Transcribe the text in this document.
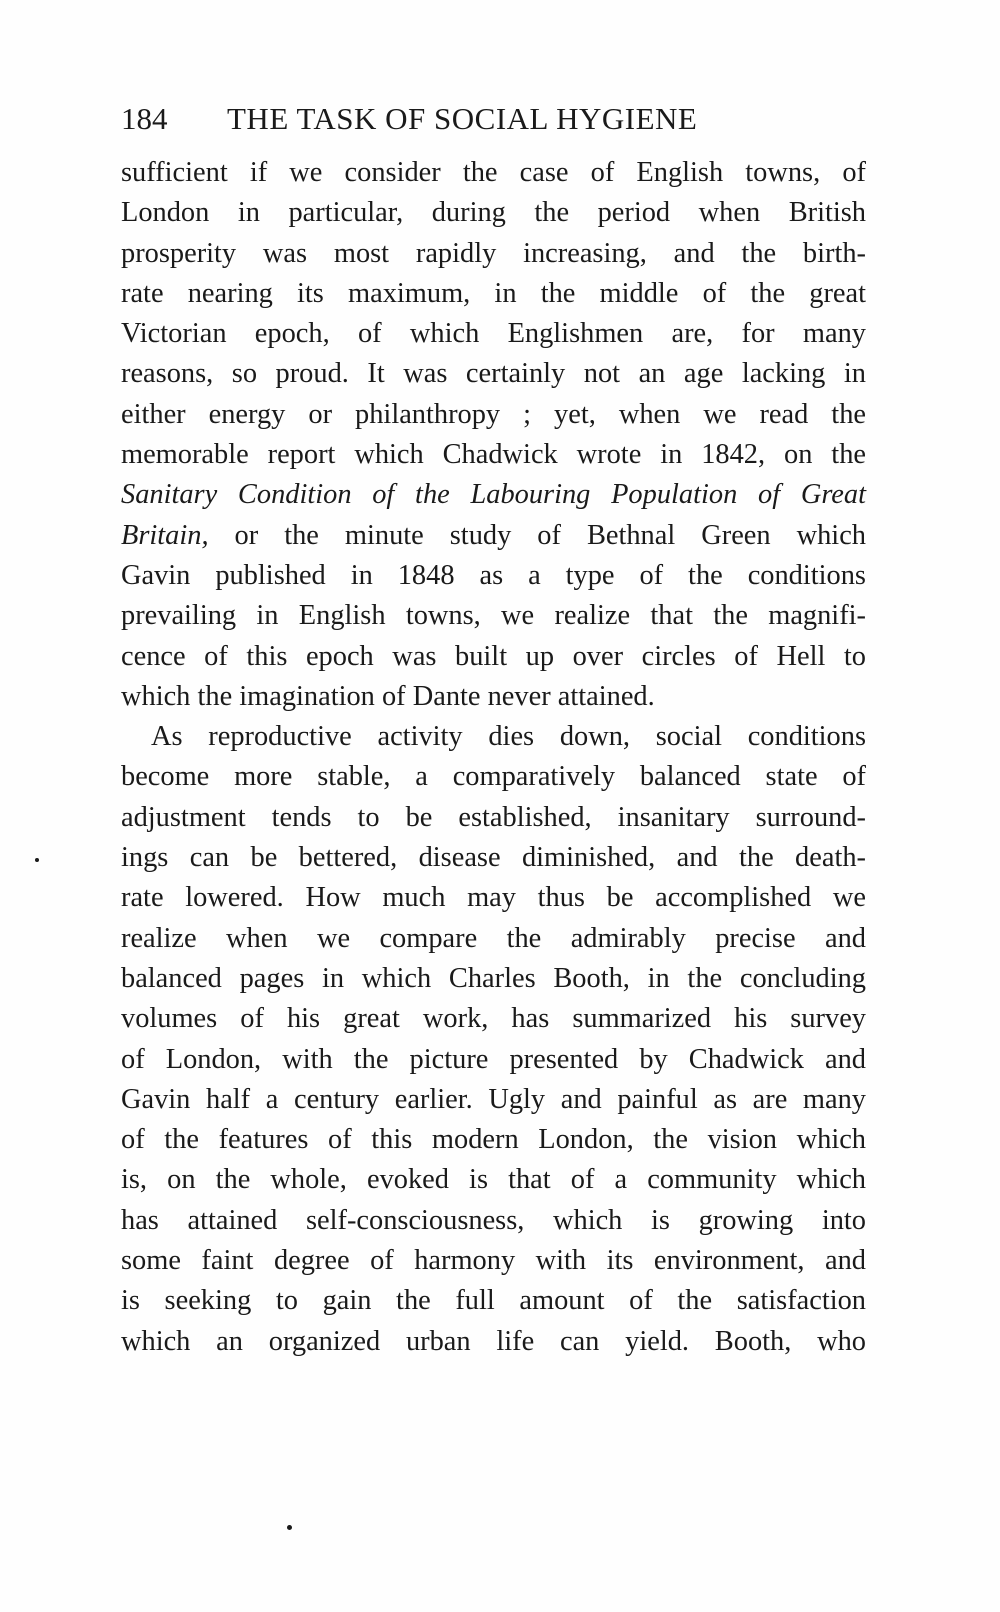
184 THE TASK OF SOCIAL HYGIENE
sufficient if we consider the case of English towns, of
London in particular, during the period when British
prosperity was most rapidly increasing, and the birth-
rate nearing its maximum, in the middle of the great
Victorian epoch, of which Englishmen are, for many
reasons, so proud. It was certainly not an age lacking in
either energy or philanthropy ; yet, when we read the
memorable report which Chadwick wrote in 1842, on the
Sanitary Condition of the Labouring Population of Great
Britain, or the minute study of Bethnal Green which
Gavin published in 1848 as a type of the conditions
prevailing in English towns, we realize that the magnifi-
cence of this epoch was built up over circles of Hell to
which the imagination of Dante never attained.
As reproductive activity dies down, social conditions
become more stable, a comparatively balanced state of
adjustment tends to be established, insanitary surround-
ings can be bettered, disease diminished, and the death-
rate lowered. How much may thus be accomplished we
realize when we compare the admirably precise and
balanced pages in which Charles Booth, in the concluding
volumes of his great work, has summarized his survey
of London, with the picture presented by Chadwick and
Gavin half a century earlier. Ugly and painful as are many
of the features of this modern London, the vision which
is, on the whole, evoked is that of a community which
has attained self-consciousness, which is growing into
some faint degree of harmony with its environment, and
is seeking to gain the full amount of the satisfaction
which an organized urban life can yield. Booth, who
